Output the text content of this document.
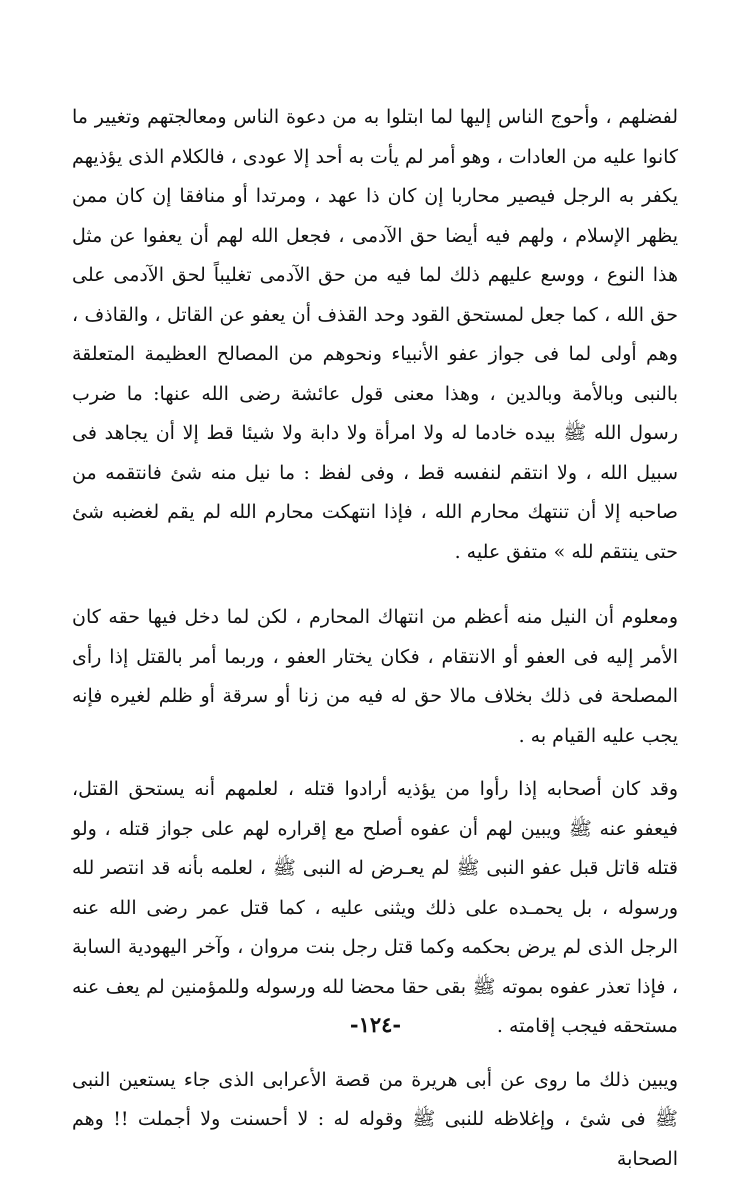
لفضلهم ، وأحوج الناس إليها لما ابتلوا به من دعوة الناس ومعالجتهم وتغيير ما كانوا عليه من العادات ، وهو أمر لم يأت به أحد إلا عودى ، فالكلام الذى يؤذيهم يكفر به الرجل فيصير محاربا إن كان ذا عهد ، ومرتدا أو منافقا إن كان ممن يظهر الإسلام ، ولهم فيه أيضا حق الآدمى ، فجعل الله لهم أن يعفوا عن مثل هذا النوع ، ووسع عليهم ذلك لما فيه من حق الآدمى تغليباً لحق الآدمى على حق الله ، كما جعل لمستحق القود وحد القذف أن يعفو عن القاتل ، والقاذف ، وهم أولى لما فى جواز عفو الأنبياء ونحوهم من المصالح العظيمة المتعلقة بالنبى وبالأمة وبالدين ، وهذا معنى قول عائشة رضى الله عنها: ما ضرب رسول الله ﷺ بيده خادما له ولا امرأة ولا دابة ولا شيئا قط إلا أن يجاهد فى سبيل الله ، ولا انتقم لنفسه قط ، وفى لفظ : ما نيل منه شئ فانتقمه من صاحبه إلا أن تنتهك محارم الله ، فإذا انتهكت محارم الله لم يقم لغضبه شئ حتى ينتقم لله » متفق عليه .

ومعلوم أن النيل منه أعظم من انتهاك المحارم ، لكن لما دخل فيها حقه كان الأمر إليه فى العفو أو الانتقام ، فكان يختار العفو ، وربما أمر بالقتل إذا رأى المصلحة فى ذلك بخلاف مالا حق له فيه من زنا أو سرقة أو ظلم لغيره فإنه يجب عليه القيام به .

وقد كان أصحابه إذا رأوا من يؤذيه أرادوا قتله ، لعلمهم أنه يستحق القتل، فيعفو عنه ﷺ ويبين لهم أن عفوه أصلح مع إقراره لهم على جواز قتله ، ولو قتله قاتل قبل عفو النبى ﷺ لم يعـرض له النبى ﷺ ، لعلمه بأنه قد انتصر لله ورسوله ، بل يحمـده على ذلك ويثنى عليه ، كما قتل عمر رضى الله عنه الرجل الذى لم يرض بحكمه وكما قتل رجل بنت مروان ، وآخر اليهودية السابة ، فإذا تعذر عفوه بموته ﷺ بقى حقا محضا لله ورسوله وللمؤمنين لم يعف عنه مستحقه فيجب إقامته .

ويبين ذلك ما روى عن أبى هريرة من قصة الأعرابى الذى جاء يستعين النبى ﷺ فى شئ ، وإغلاظه للنبى ﷺ وقوله له : لا أحسنت ولا أجملت !! وهم الصحابة

-١٢٤-
